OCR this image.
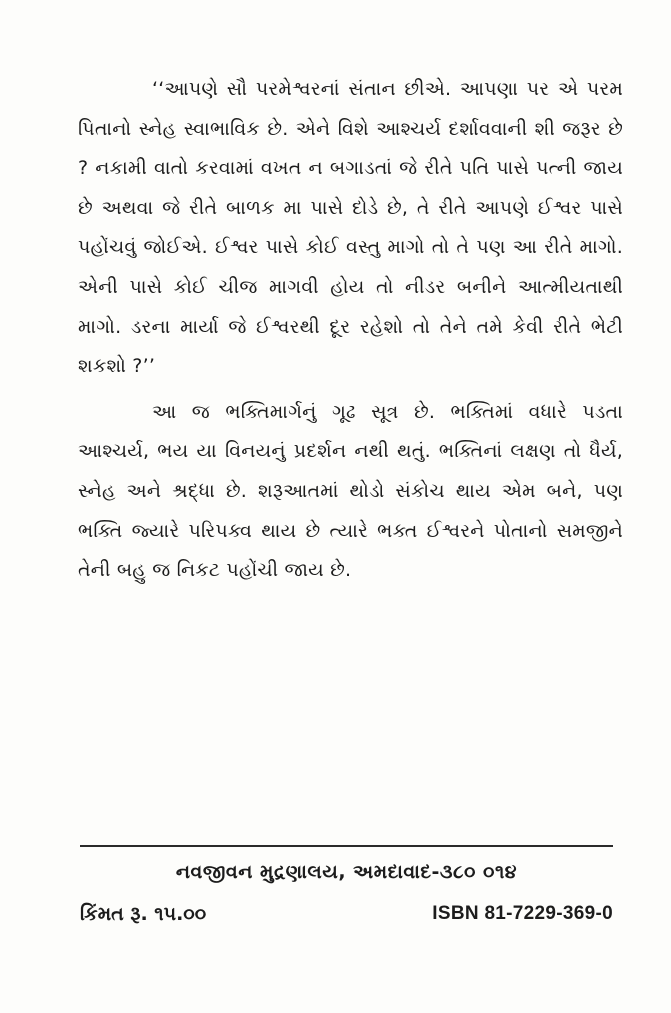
‘‘આપણે સૌ પરમેશ્વરનાં સંતાન છીએ. આપણા પર એ પરમ પિતાનો સ્નેહ સ્વાભાવિક છે. એને વિશે આશ્ચર્ય દર્શાવવાની શી જરૂર છે ? નકામી વાતો કરવામાં વખત ન બગાડતાં જે રીતે પતિ પાસે પત્ની જાય છે અથવા જે રીતે બાળક મા પાસે દોડે છે, તે રીતે આપણે ઈશ્વર પાસે પહોંચવું જોઈએ. ઈશ્વર પાસે કોઈ વસ્તુ માગો તો તે પણ આ રીતે માગો. એની પાસે કોઈ ચીજ માગવી હોય તો નીડર બનીને આત્મીયતાથી માગો. ડરના માર્યા જે ઈશ્વરથી દૂર રહેશો તો તેને તમે કેવી રીતે ભેટી શકશો ?’’

આ જ ભક્તિમાર્ગનું ગૂઢ સૂત્ર છે. ભક્તિમાં વધારે પડતા આશ્ચર્ય, ભય યા વિનયનું પ્રદર્શન નથી થતું. ભક્તિનાં લક્ષણ તો ધૈર્ય, સ્નેહ અને શ્રદ્ધા છે. શરૂઆતમાં થોડો સંકોચ થાય એમ બને, પણ ભક્તિ જ્યારે પરિપક્વ થાય છે ત્યારે ભક્ત ઈશ્વરને પોતાનો સમજીને તેની બહુ જ નિકટ પહોંચી જાય છે.

નવજીવન મુદ્રણાલય, અમદાવાદ-૩૮૦ ૦૧૪
કિંમત રૂ. ૧૫.૦૦	ISBN 81-7229-369-0
